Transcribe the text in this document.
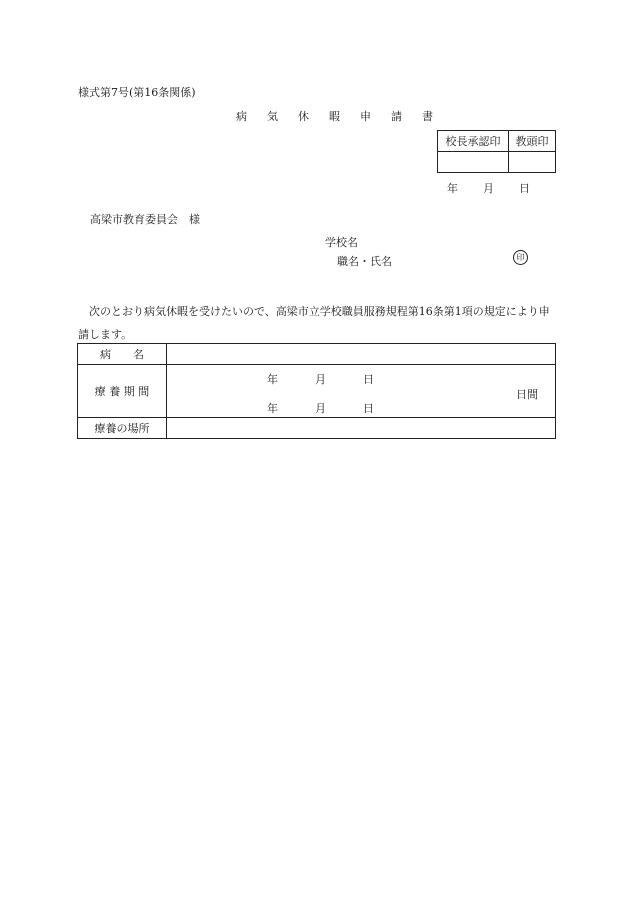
様式第7号(第16条関係)
病 気 休 暇 申 請 書
校長承認印	教頭印

年 月 日
高梁市教育委員会　様
学校名
職名・氏名	印
　次のとおり病気休暇を受けたいので、高梁市立学校職員服務規程第16条第1項の規定により申請します。
病　　名	
療 養 期 間	年 月 日
年 月 日
日間

療養の場所	
